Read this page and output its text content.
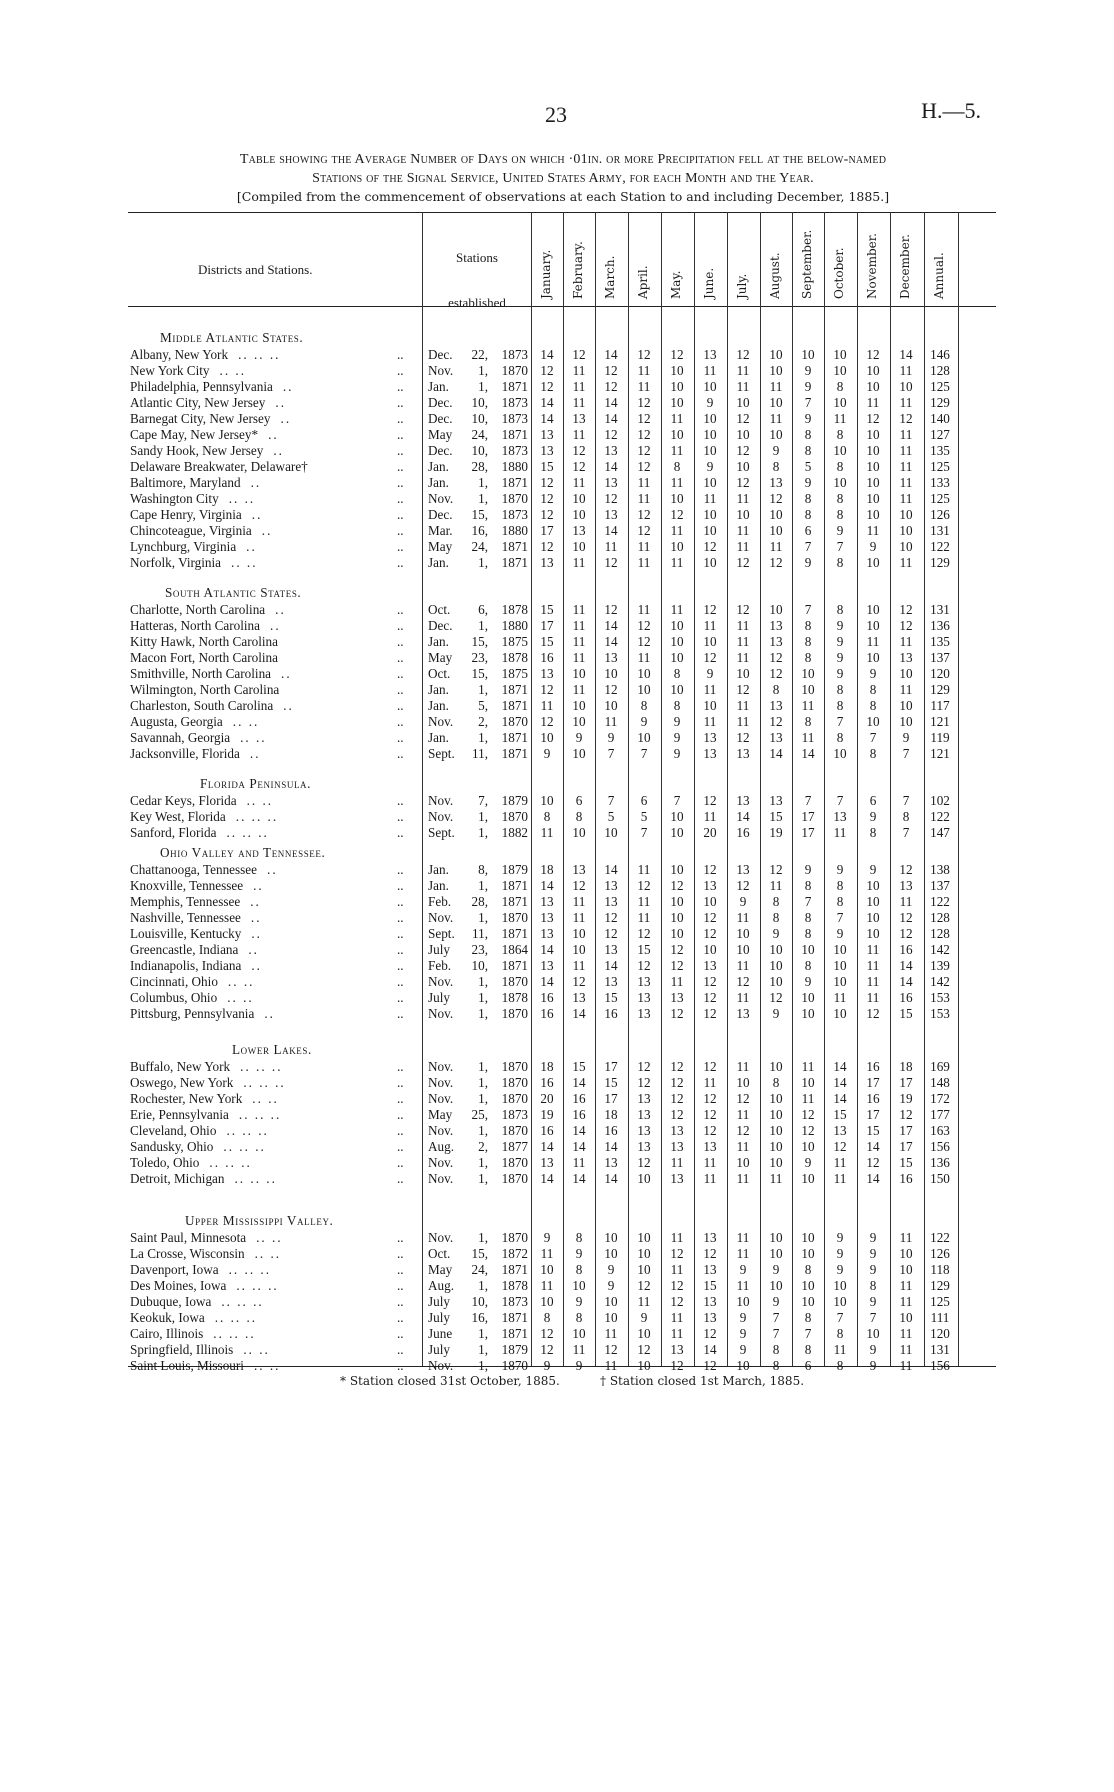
23	H.—5.
Table showing the Average Number of Days on which ·01in. or more Precipitation fell at the below-named
Stations of the Signal Service, United States Army, for each Month and the Year.
[Compiled from the commencement of observations at each Station to and including December, 1885.]
Districts and Stations.
Stations
established
January. February. March. April. May. June. July. August. September. October. November. December. Annual.
Middle Atlantic States.
Albany, New York .. .. ..	.. Dec. 22, 1873 14	12	14	12	12	13	12	10	10	10	12	14	146
New York City .. ..	.. Nov. 1, 1870 12	11	12	11	10	11	11	10	9	10	10	11	128
Philadelphia, Pennsylvania ..	.. Jan. 1, 1871 12	11	12	11	10	10	11	11	9	8	10	10	125
Atlantic City, New Jersey ..	.. Dec. 10, 1873 14	11	14	12	10	9	10	10	7	10	11	11	129
Barnegat City, New Jersey ..	.. Dec. 10, 1873 14	13	14	12	11	10	12	11	9	11	12	12	140
Cape May, New Jersey* ..	.. May 24, 1871 13	11	12	12	10	10	10	10	8	8	10	11	127
Sandy Hook, New Jersey ..	.. Dec. 10, 1873 13	12	13	12	11	10	12	9	8	10	10	11	135
Delaware Breakwater, Delaware†	.. Jan. 28, 1880 15	12	14	12	8	9	10	8	5	8	10	11	125
Baltimore, Maryland ..	.. Jan. 1, 1871 12	11	13	11	11	10	12	13	9	10	10	11	133
Washington City .. ..	.. Nov. 1, 1870 12	10	12	11	10	11	11	12	8	8	10	11	125
Cape Henry, Virginia ..	.. Dec. 15, 1873 12	10	13	12	12	10	10	10	8	8	10	10	126
Chincoteague, Virginia ..	.. Mar. 16, 1880 17	13	14	12	11	10	11	10	6	9	11	10	131
Lynchburg, Virginia ..	.. May 24, 1871 12	10	11	11	10	12	11	11	7	7	9	10	122
Norfolk, Virginia .. ..	.. Jan. 1, 1871 13	11	12	11	11	10	12	12	9	8	10	11	129
South Atlantic States.
Charlotte, North Carolina ..	.. Oct. 6, 1878 15	11	12	11	11	12	12	10	7	8	10	12	131
Hatteras, North Carolina ..	.. Dec. 1, 1880 17	11	14	12	10	11	11	13	8	9	10	12	136
Kitty Hawk, North Carolina	.. Jan. 15, 1875 15	11	14	12	10	10	11	13	8	9	11	11	135
Macon Fort, North Carolina	.. May 23, 1878 16	11	13	11	10	12	11	12	8	9	10	13	137
Smithville, North Carolina ..	.. Oct. 15, 1875 13	10	10	10	8	9	10	12	10	9	9	10	120
Wilmington, North Carolina	.. Jan. 1, 1871 12	11	12	10	10	11	12	8	10	8	8	11	129
Charleston, South Carolina ..	.. Jan. 5, 1871 11	10	10	8	8	10	11	13	11	8	8	10	117
Augusta, Georgia .. ..	.. Nov. 2, 1870 12	10	11	9	9	11	11	12	8	7	10	10	121
Savannah, Georgia .. ..	.. Jan. 1, 1871 10	9	9	10	9	13	12	13	11	8	7	9	119
Jacksonville, Florida ..	.. Sept. 11, 1871	9	10	7	7	9	13	13	14	14	10	8	7	121
Florida Peninsula.
Cedar Keys, Florida .. ..	.. Nov. 7, 1879 10	6	7	6	7	12	13	13	7	7	6	7	102
Key West, Florida .. .. ..	.. Nov. 1, 1870	8	8	5	5	10	11	14	15	17	13	9	8	122
Sanford, Florida .. .. ..	.. Sept. 1, 1882 11	10	10	7	10	20	16	19	17	11	8	7	147
Ohio Valley and Tennessee.
Chattanooga, Tennessee ..	.. Jan. 8, 1879 18	13	14	11	10	12	13	12	9	9	9	12	138
Knoxville, Tennessee ..	.. Jan. 1, 1871 14	12	13	12	12	13	12	11	8	8	10	13	137
Memphis, Tennessee ..	.. Feb. 28, 1871 13	11	13	11	10	10	9	8	7	8	10	11	122
Nashville, Tennessee ..	.. Nov. 1, 1870 13	11	12	11	10	12	11	8	8	7	10	12	128
Louisville, Kentucky ..	.. Sept. 11, 1871 13	10	12	12	10	12	10	9	8	9	10	12	128
Greencastle, Indiana ..	.. July 23, 1864 14	10	13	15	12	10	10	10	10	10	11	16	142
Indianapolis, Indiana ..	.. Feb. 10, 1871 13	11	14	12	12	13	11	10	8	10	11	14	139
Cincinnati, Ohio .. ..	.. Nov. 1, 1870 14	12	13	13	11	12	12	10	9	10	11	14	142
Columbus, Ohio .. ..	.. July 1, 1878 16	13	15	13	13	12	11	12	10	11	11	16	153
Pittsburg, Pennsylvania ..	.. Nov. 1, 1870 16	14	16	13	12	12	13	9	10	10	12	15	153
Lower Lakes.
Buffalo, New York .. .. ..	.. Nov. 1, 1870 18	15	17	12	12	12	11	10	11	14	16	18	169
Oswego, New York .. .. ..	.. Nov. 1, 1870 16	14	15	12	12	11	10	8	10	14	17	17	148
Rochester, New York .. ..	.. Nov. 1, 1870 20	16	17	13	12	12	12	10	11	14	16	19	172
Erie, Pennsylvania .. .. ..	.. May 25, 1873 19	16	18	13	12	12	11	10	12	15	17	12	177
Cleveland, Ohio .. .. ..	.. Nov. 1, 1870 16	14	16	13	13	12	12	10	12	13	15	17	163
Sandusky, Ohio .. .. ..	.. Aug. 2, 1877 14	14	14	13	13	13	11	10	10	12	14	17	156
Toledo, Ohio .. .. ..	.. Nov. 1, 1870 13	11	13	12	11	11	10	10	9	11	12	15	136
Detroit, Michigan .. .. ..	.. Nov. 1, 1870 14	14	14	10	13	11	11	11	10	11	14	16	150
Upper Mississippi Valley.
Saint Paul, Minnesota .. ..	.. Nov. 1, 1870	9	8	10	10	11	13	11	10	10	9	9	11	122
La Crosse, Wisconsin .. ..	.. Oct. 15, 1872 11	9	10	10	12	12	11	10	10	9	9	10	126
Davenport, Iowa .. .. ..	.. May 24, 1871 10	8	9	10	11	13	9	9	8	9	9	10	118
Des Moines, Iowa .. .. ..	.. Aug. 1, 1878 11	10	9	12	12	15	11	10	10	10	8	11	129
Dubuque, Iowa .. .. ..	.. July 10, 1873 10	9	10	11	12	13	10	9	10	10	9	11	125
Keokuk, Iowa .. .. ..	.. July 16, 1871	8	8	10	9	11	13	9	7	8	7	7	10	111
Cairo, Illinois .. .. ..	.. June 1, 1871 12	10	11	10	11	12	9	7	7	8	10	11	120
Springfield, Illinois .. ..	.. July 1, 1879 12	11	12	12	13	14	9	8	8	11	9	11	131
Saint Louis, Missouri .. ..	.. Nov. 1, 1870	9	9	11	10	12	12	10	8	6	8	9	11	156
* Station closed 31st October, 1885.	† Station closed 1st March, 1885.
